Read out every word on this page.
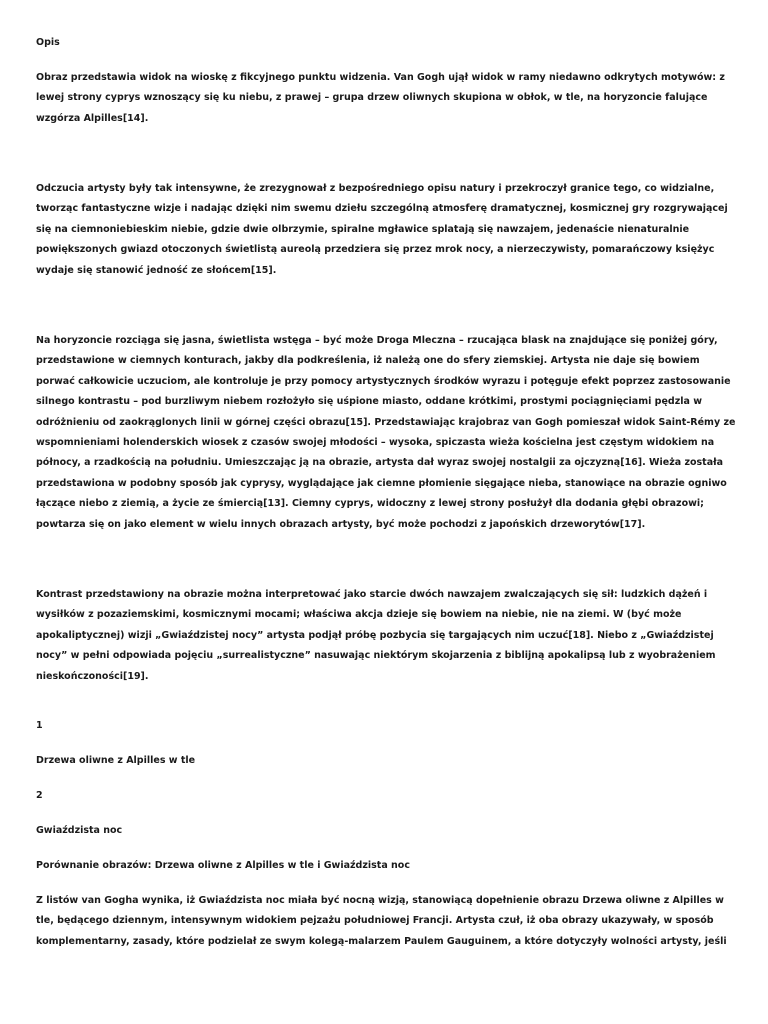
Opis

Obraz przedstawia widok na wioskę z fikcyjnego punktu widzenia. Van Gogh ujął widok w ramy niedawno odkrytych motywów: z lewej strony cyprys wznoszący się ku niebu, z prawej – grupa drzew oliwnych skupiona w obłok, w tle, na horyzoncie falujące wzgórza Alpilles[14].

Odczucia artysty były tak intensywne, że zrezygnował z bezpośredniego opisu natury i przekroczył granice tego, co widzialne, tworząc fantastyczne wizje i nadając dzięki nim swemu dziełu szczególną atmosferę dramatycznej, kosmicznej gry rozgrywającej się na ciemnoniebieskim niebie, gdzie dwie olbrzymie, spiralne mgławice splatają się nawzajem, jedenaście nienaturalnie powiększonych gwiazd otoczonych świetlistą aureolą przedziera się przez mrok nocy, a nierzeczywisty, pomarańczowy księżyc wydaje się stanowić jedność ze słońcem[15].

Na horyzoncie rozciąga się jasna, świetlista wstęga – być może Droga Mleczna – rzucająca blask na znajdujące się poniżej góry, przedstawione w ciemnych konturach, jakby dla podkreślenia, iż należą one do sfery ziemskiej. Artysta nie daje się bowiem porwać całkowicie uczuciom, ale kontroluje je przy pomocy artystycznych środków wyrazu i potęguje efekt poprzez zastosowanie silnego kontrastu – pod burzliwym niebem rozłożyło się uśpione miasto, oddane krótkimi, prostymi pociągnięciami pędzla w odróżnieniu od zaokrąglonych linii w górnej części obrazu[15]. Przedstawiając krajobraz van Gogh pomieszał widok Saint-Rémy ze wspomnieniami holenderskich wiosek z czasów swojej młodości – wysoka, spiczasta wieża kościelna jest częstym widokiem na północy, a rzadkością na południu. Umieszczając ją na obrazie, artysta dał wyraz swojej nostalgii za ojczyzną[16]. Wieża została przedstawiona w podobny sposób jak cyprysy, wyglądające jak ciemne płomienie sięgające nieba, stanowiące na obrazie ogniwo łączące niebo z ziemią, a życie ze śmiercią[13]. Ciemny cyprys, widoczny z lewej strony posłużył dla dodania głębi obrazowi; powtarza się on jako element w wielu innych obrazach artysty, być może pochodzi z japońskich drzeworytów[17].

Kontrast przedstawiony na obrazie można interpretować jako starcie dwóch nawzajem zwalczających się sił: ludzkich dążeń i wysiłków z pozaziemskimi, kosmicznymi mocami; właściwa akcja dzieje się bowiem na niebie, nie na ziemi. W (być może apokaliptycznej) wizji „Gwiaździstej nocy” artysta podjął próbę pozbycia się targających nim uczuć[18]. Niebo z „Gwiaździstej nocy” w pełni odpowiada pojęciu „surrealistyczne” nasuwając niektórym skojarzenia z biblijną apokalipsą lub z wyobrażeniem nieskończoności[19].

1

Drzewa oliwne z Alpilles w tle

2

Gwiaździsta noc

Porównanie obrazów: Drzewa oliwne z Alpilles w tle i Gwiaździsta noc

Z listów van Gogha wynika, iż Gwiaździsta noc miała być nocną wizją, stanowiącą dopełnienie obrazu Drzewa oliwne z Alpilles w tle, będącego dziennym, intensywnym widokiem pejzażu południowej Francji. Artysta czuł, iż oba obrazy ukazywały, w sposób komplementarny, zasady, które podzielał ze swym kolegą-malarzem Paulem Gauguinem, a które dotyczyły wolności artysty, jeśli
